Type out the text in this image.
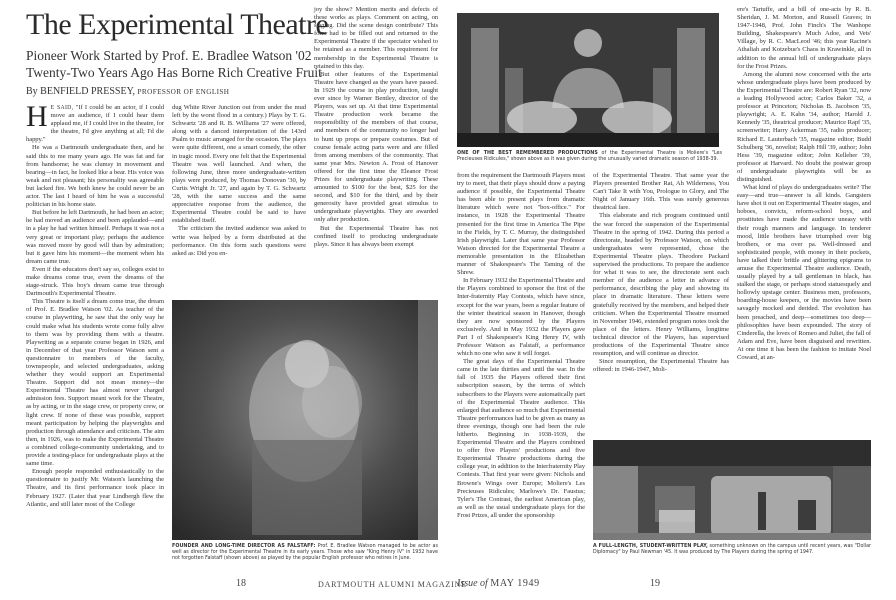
The Experimental Theatre
Pioneer Work Started by Prof. E. Bradlee Watson '02
Twenty-Two Years Ago Has Borne Rich Creative Fruit
By BENFIELD PRESSEY, PROFESSOR OF ENGLISH

H E SAID, "If I could be an actor, if I could move an audience, if I could hear them applaud me, if I could live in the theatre, for the theatre, I'd give anything at all; I'd die happy."

He was a Dartmouth undergraduate then, and he said this to me many years ago. He was fat and far from handsome; he was clumsy in movement and bearing—in fact, he looked like a bear. His voice was weak and not pleasant; his personality was agreeable but lacked fire. We both knew he could never be an actor. The last I heard of him he was a successful politician in his home state.

But before he left Dartmouth, he had been an actor; he had moved an audience and been applauded—and in a play he had written himself. Perhaps it was not a very great or important play; perhaps the audience was moved more by good will than by admiration; but it gave him his moment—the moment when his dream came true.

Even if the educators don't say so, colleges exist to make dreams come true, even the dreams of the stage-struck. This boy's dream came true through Dartmouth's Experimental Theatre.

This Theatre is itself a dream come true, the dream of Prof. E. Bradlee Watson '02. As teacher of the course in playwriting, he saw that the only way he could make what his students wrote come fully alive to them was by providing them with a theatre. Playwriting as a separate course began in 1926, and in December of that year Professor Watson sent a questionnaire to members of the faculty, townspeople, and selected undergraduates, asking whether they would support an Experimental Theatre. Support did not mean money—the Experimental Theatre has almost never charged admission fees. Support meant work for the Theatre, as by acting, or in the stage crew, or property crew, or light crew. If none of these was possible, support meant participation by helping the playwrights and production through attendance and criticism. The aim then, in 1926, was to make the Experimental Theatre a combined college-community undertaking, and to provide a testing-place for undergraduate plays at the same time.

Enough people responded enthusiastically to the questionnaire to justify Mr. Watson's launching the Theatre, and its first performance took place in February 1927. (Later that year Lindbergh flew the Atlantic, and still later most of the College

dug White River Junction out from under the mud left by the worst flood in a century.) Plays by T. G. Schwartz '28 and R. B. Williams '27 were offered, along with a danced interpretation of the 143rd Psalm to music arranged for the occasion. The plays were quite different, one a smart comedy, the other in tragic mood. Every one felt that the Experimental Theatre was well launched. And when, the following June, three more undergraduate-written plays were produced, by Thomas Donovan '30, by Curtis Wright Jr. '27, and again by T. G. Schwartz '28, with the same success and the same appreciative response from the audience, the Experimental Theatre could be said to have established itself.

The criticism the invited audience was asked to write was helped by a form distributed at the performance. On this form such questions were asked as: Did you en-

joy the show? Mention merits and defects of these works as plays. Comment on acting, on staging. Did the scene design contribute? This form had to be filled out and returned to the Experimental Theatre if the spectator wished to be retained as a member. This requirement for membership in the Experimental Theatre is retained to this day.

But other features of the Experimental Theatre have changed as the years have passed. In 1929 the course in play production, taught ever since by Warner Bentley, director of the Players, was set up. At that time Experimental Theatre production work became the responsibility of the members of that course, and members of the community no longer had to hunt up props or prepare costumes. But of course female acting parts were and are filled from among members of the community. That same year Mrs. Newton A. Frost of Hanover offered for the first time the Eleanor Frost Prizes for undergraduate playwriting. These amounted to $100 for the best, $25 for the second, and $10 for the third, and by their generosity have provided great stimulus to undergraduate playwrights. They are awarded only after production.

But the Experimental Theatre has not confined itself to producing undergraduate plays. Since it has always been exempt

FOUNDER AND LONG-TIME DIRECTOR AS FALSTAFF: Prof. E. Bradlee Watson managed to be actor as well as director for the Experimental Theatre in its early years. Those who saw "King Henry IV" in 1932 have not forgotten Falstaff (shown above) as played by the popular English professor who retires in June.
18	DARTMOUTH ALUMNI MAGAZINE
ONE OF THE BEST REMEMBERED PRODUCTIONS of the Experimental Theatre is Moliere's "Les Precieuses Ridicules," shown above as it was given during the unusually varied dramatic season of 1938-39.

from the requirement the Dartmouth Players must try to meet, that their plays should draw a paying audience if possible, the Experimental Theatre has been able to present plays from dramatic literature which were not "box-office." For instance, in 1928 the Experimental Theatre presented for the first time in America The Pipe in the Fields, by T. C. Murray, the distinguished Irish playwright. Later that same year Professor Watson directed for the Experimental Theatre a memorable presentation in the Elizabethan manner of Shakespeare's The Taming of the Shrew.

In February 1932 the Experimental Theatre and the Players combined to sponsor the first of the Inter-fraternity Play Contests, which have since, except for the war years, been a regular feature of the winter theatrical season in Hanover, though they are now sponsored by the Players exclusively. And in May 1932 the Players gave Part I of Shakespeare's King Henry IV, with Professor Watson as Falstaff, a performance which no one who saw it will forget.

The great days of the Experimental Theatre came in the late thirties and until the war. In the fall of 1935 the Players offered their first subscription season, by the terms of which subscribers to the Players were automatically part of the Experimental Theatre audience. This enlarged that audience so much that Experimental Theatre performances had to be given as many as three evenings, though one had been the rule hitherto. Beginning in 1938-1939, the Experimental Theatre and the Players combined to offer five Players' productions and five Experimental Theatre productions during the college year, in addition to the Interfraternity Play Contests. That first year were given: Nichols and Browne's Wings over Europe; Moliere's Les Precieuses Ridicules; Marlowe's Dr. Faustus; Tyler's The Contrast, the earliest American play, as well as the usual undergraduate plays for the Frost Prizes, all under the sponsorship

of the Experimental Theatre. That same year the Players presented Brother Rat, Ah Wilderness, You Can't Take It with You, Prologue to Glory, and The Night of January 16th. This was surely generous theatrical fare.

This elaborate and rich program continued until the war forced the suspension of the Experimental Theatre in the spring of 1942. During this period a directorate, headed by Professor Watson, on which undergraduates were represented, chose the Experimental Theatre plays. Theodore Packard supervised the productions. To prepare the audience for what it was to see, the directorate sent each member of the audience a letter in advance of performance, describing the play and showing its place in dramatic literature. These letters were gratefully received by the members, and helped their criticism. When the Experimental Theatre resumed in November 1946, extended program notes took the place of the letters. Henry Williams, longtime technical director of the Players, has supervised productions of the Experimental Theatre since resumption, and will continue as director.

Since resumption, the Experimental Theatre has offered: in 1946-1947, Moli-

ere's Tartuffe, and a bill of one-acts by R. B. Sheridan, J. M. Morton, and Russell Graves; in 1947-1948, Prof. John Finch's The Wanhope Building, Shakespeare's Much Adoe, and Vets' Village, by R. C. MacLeod '46; this year Racine's Athaliah and Kotzebue's Chaos in Krawinkle, all in addition to the annual bill of undergraduate plays for the Frost Prizes.

Among the alumni now concerned with the arts whose undergraduate plays have been produced by the Experimental Theatre are: Robert Ryan '32, now a leading Hollywood actor; Carlos Baker '32, a professor at Princeton; Nicholas B. Jacobson '35, playwright; A. E. Kahn '34, author; Harold J. Kennedy '35, theatrical producer; Maurice Rapf '35, screenwriter; Harry Ackerman '35, radio producer; Richard E. Lauterbach '35, magazine editor; Budd Schulberg '36, novelist; Ralph Hill '39, author; John Hess '39, magazine editor; John Kelleher '39, professor at Harvard. No doubt the postwar group of undergraduate playwrights will be as distinguished.

What kind of plays do undergraduates write? The easy—and true—answer is all kinds. Gangsters have shot it out on Experimental Theatre stages, and hoboes, convicts, reform-school boys, and prostitutes have made the audience uneasy with their rough manners and language. In tenderer mood, little brothers have triumphed over big brothers, or ma over pa. Well-dressed and sophisticated people, with money in their pockets, have talked their brittle and glittering epigrams to amuse the Experimental Theatre audience. Death, usually played by a tall gentleman in black, has stalked the stage, or perhaps stood statuesquely and hollowly upstage center. Business men, professors, boarding-house keepers, or the movies have been savagely mocked and derided. The evolution has been preached, and deep—sometimes too deep—philosophies have been expounded. The story of Cinderella, the loves of Romeo and Juliet, the fall of Adam and Eve, have been disguised and rewritten. At one time it has been the fashion to imitate Noel Coward, at an-

A FULL-LENGTH, STUDENT-WRITTEN PLAY, something unknown on the campus until recent years, was "Dollar Diplomacy" by Paul Newman '45. It was produced by The Players during the spring of 1947.
Issue of MAY 1949	19
